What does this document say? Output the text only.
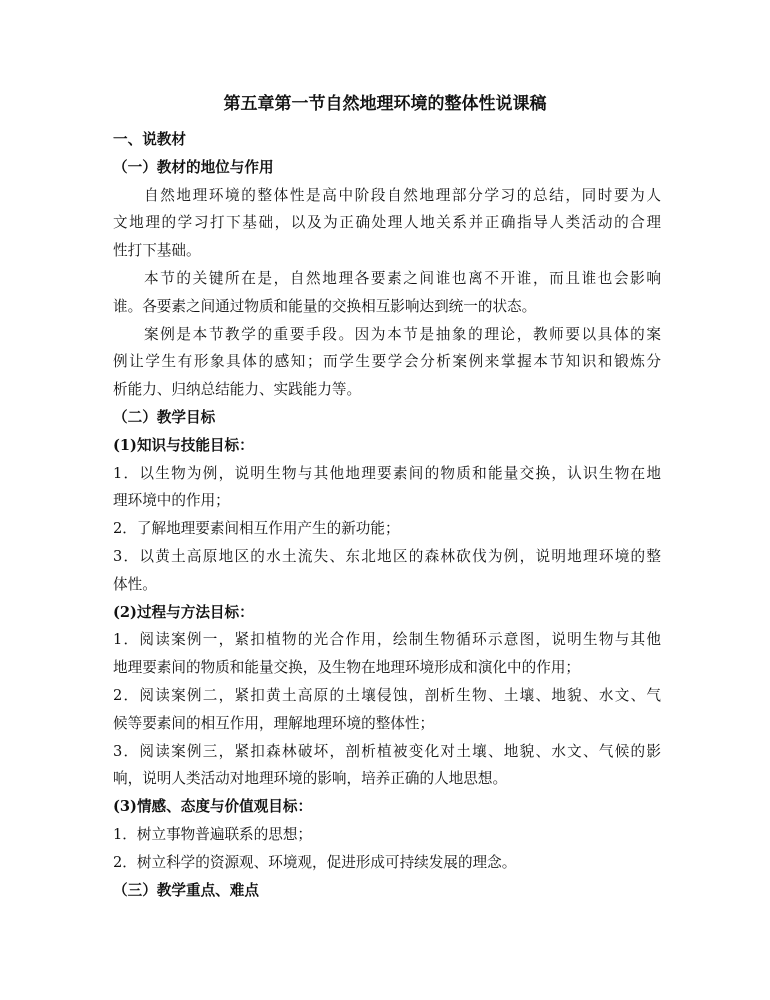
第五章第一节自然地理环境的整体性说课稿

一、说教材

（一）教材的地位与作用

自然地理环境的整体性是高中阶段自然地理部分学习的总结，同时要为人

文地理的学习打下基础，以及为正确处理人地关系并正确指导人类活动的合理

性打下基础。

本节的关键所在是，自然地理各要素之间谁也离不开谁，而且谁也会影响

谁。各要素之间通过物质和能量的交换相互影响达到统一的状态。

案例是本节教学的重要手段。因为本节是抽象的理论，教师要以具体的案

例让学生有形象具体的感知；而学生要学会分析案例来掌握本节知识和锻炼分

析能力、归纳总结能力、实践能力等。

（二）教学目标

(1)知识与技能目标：

1．以生物为例，说明生物与其他地理要素间的物质和能量交换，认识生物在地

理环境中的作用；

2．了解地理要素间相互作用产生的新功能；

3．以黄土高原地区的水土流失、东北地区的森林砍伐为例，说明地理环境的整

体性。

(2)过程与方法目标：

1．阅读案例一，紧扣植物的光合作用，绘制生物循环示意图，说明生物与其他

地理要素间的物质和能量交换，及生物在地理环境形成和演化中的作用；

2．阅读案例二，紧扣黄土高原的土壤侵蚀，剖析生物、土壤、地貌、水文、气

候等要素间的相互作用，理解地理环境的整体性；

3．阅读案例三，紧扣森林破坏，剖析植被变化对土壤、地貌、水文、气候的影

响，说明人类活动对地理环境的影响，培养正确的人地思想。

(3)情感、态度与价值观目标：

1．树立事物普遍联系的思想；

2．树立科学的资源观、环境观，促进形成可持续发展的理念。

（三）教学重点、难点
